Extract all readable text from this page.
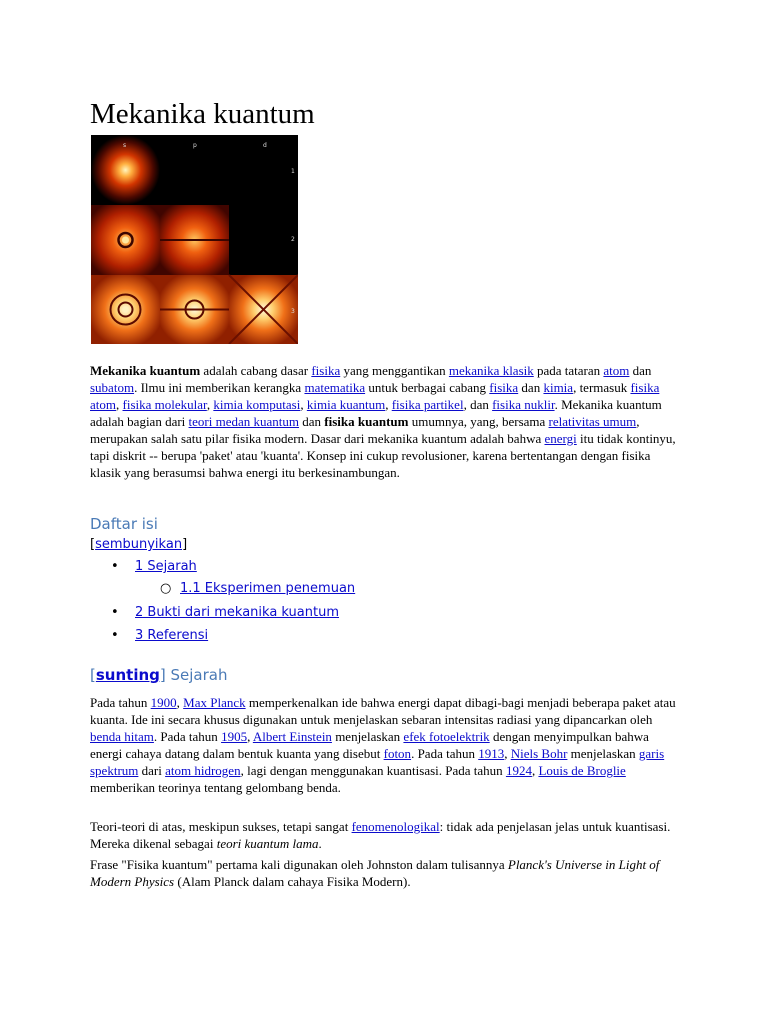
Mekanika kuantum
s	p	d
1
2
3

Mekanika kuantum adalah cabang dasar fisika yang menggantikan mekanika klasik pada tataran atom dan subatom. Ilmu ini memberikan kerangka matematika untuk berbagai cabang fisika dan kimia, termasuk fisika atom, fisika molekular, kimia komputasi, kimia kuantum, fisika partikel, dan fisika nuklir. Mekanika kuantum adalah bagian dari teori medan kuantum dan fisika kuantum umumnya, yang, bersama relativitas umum, merupakan salah satu pilar fisika modern. Dasar dari mekanika kuantum adalah bahwa energi itu tidak kontinyu, tapi diskrit -- berupa 'paket' atau 'kuanta'. Konsep ini cukup revolusioner, karena bertentangan dengan fisika klasik yang berasumsi bahwa energi itu berkesinambungan.

Daftar isi
[sembunyikan]
• 1 Sejarah
○ 1.1 Eksperimen penemuan
• 2 Bukti dari mekanika kuantum
• 3 Referensi
[sunting] Sejarah

Pada tahun 1900, Max Planck memperkenalkan ide bahwa energi dapat dibagi-bagi menjadi beberapa paket atau kuanta. Ide ini secara khusus digunakan untuk menjelaskan sebaran intensitas radiasi yang dipancarkan oleh benda hitam. Pada tahun 1905, Albert Einstein menjelaskan efek fotoelektrik dengan menyimpulkan bahwa energi cahaya datang dalam bentuk kuanta yang disebut foton. Pada tahun 1913, Niels Bohr menjelaskan garis spektrum dari atom hidrogen, lagi dengan menggunakan kuantisasi. Pada tahun 1924, Louis de Broglie memberikan teorinya tentang gelombang benda.

Teori-teori di atas, meskipun sukses, tetapi sangat fenomenologikal: tidak ada penjelasan jelas untuk kuantisasi. Mereka dikenal sebagai teori kuantum lama.

Frase "Fisika kuantum" pertama kali digunakan oleh Johnston dalam tulisannya Planck's Universe in Light of Modern Physics (Alam Planck dalam cahaya Fisika Modern).
